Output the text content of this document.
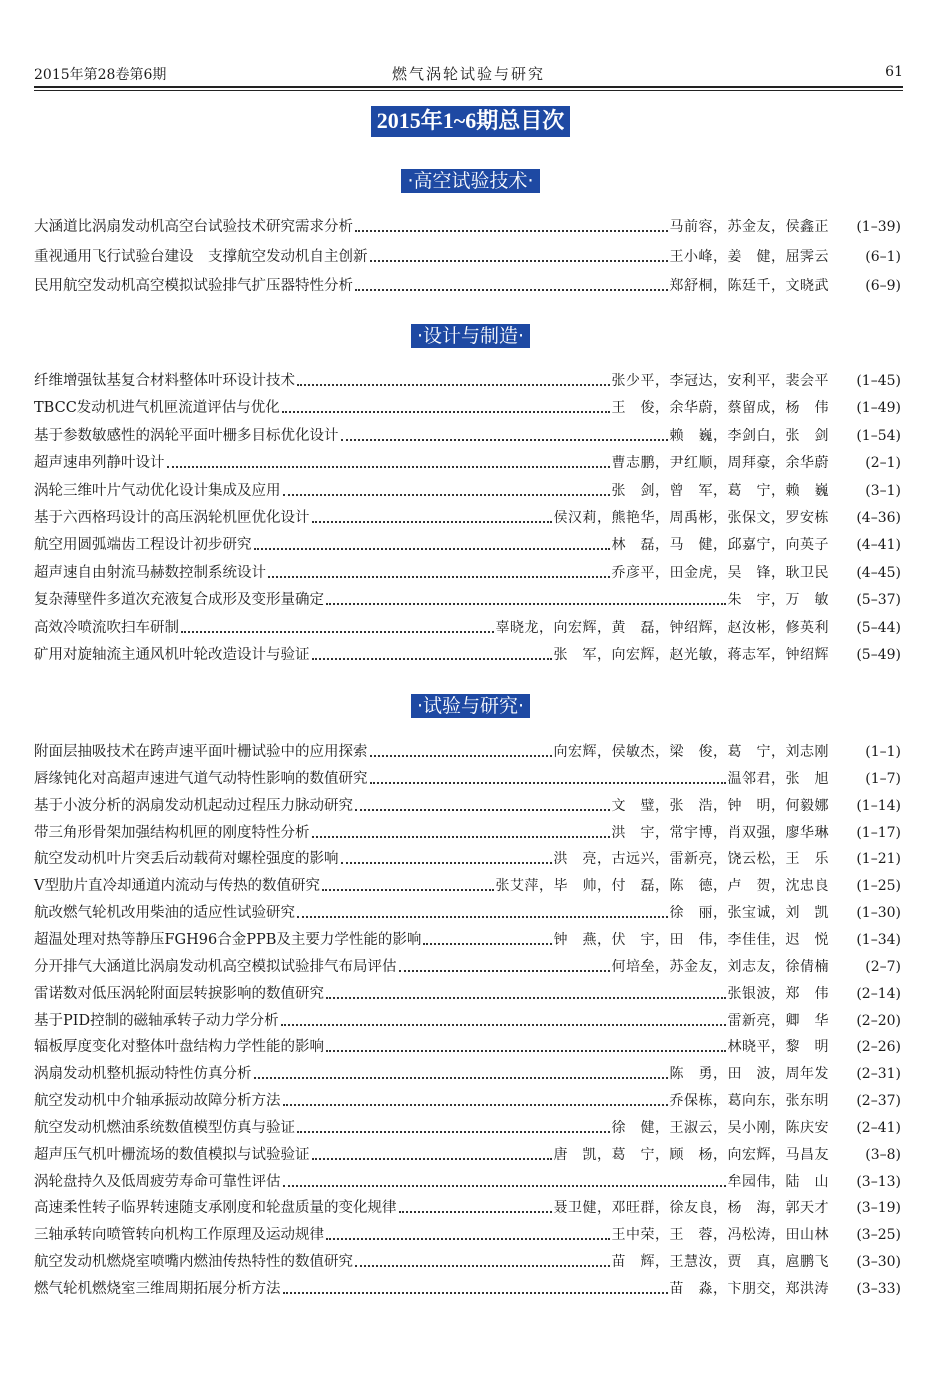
2015年第28卷第6期	燃气涡轮试验与研究	61
2015年1~6期总目次
·高空试验技术·
大涵道比涡扇发动机高空台试验技术研究需求分析	马前容，苏金友，侯鑫正	(1–39)
重视通用飞行试验台建设　支撑航空发动机自主创新	王小峰，姜　健，屈霁云	(6–1)
民用航空发动机高空模拟试验排气扩压器特性分析	郑舒桐，陈廷千，文晓武	(6–9)
·设计与制造·
纤维增强钛基复合材料整体叶环设计技术	张少平，李冠达，安利平，裴会平	(1–45)
TBCC发动机进气机匣流道评估与优化	王　俊，余华蔚，蔡留成，杨　伟	(1–49)
基于参数敏感性的涡轮平面叶栅多目标优化设计	赖　巍，李剑白，张　剑	(1–54)
超声速串列静叶设计	曹志鹏，尹红顺，周拜豪，余华蔚	(2–1)
涡轮三维叶片气动优化设计集成及应用	张　剑，曾　军，葛　宁，赖　巍	(3–1)
基于六西格玛设计的高压涡轮机匣优化设计	侯汉莉，熊艳华，周禹彬，张保文，罗安栋	(4–36)
航空用圆弧端齿工程设计初步研究	林　磊，马　健，邱嘉宁，向英子	(4–41)
超声速自由射流马赫数控制系统设计	乔彦平，田金虎，吴　锋，耿卫民	(4–45)
复杂薄壁件多道次充液复合成形及变形量确定	朱　宇，万　敏	(5–37)
高效冷喷流吹扫车研制	辜晓龙，向宏辉，黄　磊，钟绍辉，赵汝彬，修英利	(5–44)
矿用对旋轴流主通风机叶轮改造设计与验证	张　军，向宏辉，赵光敏，蒋志军，钟绍辉	(5–49)
·试验与研究·
附面层抽吸技术在跨声速平面叶栅试验中的应用探索	向宏辉，侯敏杰，梁　俊，葛　宁，刘志刚	(1–1)
唇缘钝化对高超声速进气道气动特性影响的数值研究	温邻君，张　旭	(1–7)
基于小波分析的涡扇发动机起动过程压力脉动研究	文　璧，张　浩，钟　明，何毅娜	(1–14)
带三角形骨架加强结构机匣的刚度特性分析	洪　宇，常宇博，肖双强，廖华琳	(1–17)
航空发动机叶片突丢后动载荷对螺栓强度的影响	洪　亮，古远兴，雷新亮，饶云松，王　乐	(1–21)
Ⅴ型肋片直冷却通道内流动与传热的数值研究	张艾萍，毕　帅，付　磊，陈　德，卢　贺，沈忠良	(1–25)
航改燃气轮机改用柴油的适应性试验研究	徐　丽，张宝诚，刘　凯	(1–30)
超温处理对热等静压FGH96合金PPB及主要力学性能的影响	钟　燕，伏　宇，田　伟，李佳佳，迟　悦	(1–34)
分开排气大涵道比涡扇发动机高空模拟试验排气布局评估	何培垒，苏金友，刘志友，徐倩楠	(2–7)
雷诺数对低压涡轮附面层转捩影响的数值研究	张银波，郑　伟	(2–14)
基于PID控制的磁轴承转子动力学分析	雷新亮，卿　华	(2–20)
辐板厚度变化对整体叶盘结构力学性能的影响	林晓平，黎　明	(2–26)
涡扇发动机整机振动特性仿真分析	陈　勇，田　波，周年发	(2–31)
航空发动机中介轴承振动故障分析方法	乔保栋，葛向东，张东明	(2–37)
航空发动机燃油系统数值模型仿真与验证	徐　健，王淑云，吴小刚，陈庆安	(2–41)
超声压气机叶栅流场的数值模拟与试验验证	唐　凯，葛　宁，顾　杨，向宏辉，马昌友	(3–8)
涡轮盘持久及低周疲劳寿命可靠性评估	牟园伟，陆　山	(3–13)
高速柔性转子临界转速随支承刚度和轮盘质量的变化规律	聂卫健，邓旺群，徐友良，杨　海，郭天才	(3–19)
三轴承转向喷管转向机构工作原理及运动规律	王中荣，王　蓉，冯松涛，田山林	(3–25)
航空发动机燃烧室喷嘴内燃油传热特性的数值研究	苗　辉，王慧汝，贾　真，扈鹏飞	(3–30)
燃气轮机燃烧室三维周期拓展分析方法	苗　淼，卞朋交，郑洪涛	(3–33)
